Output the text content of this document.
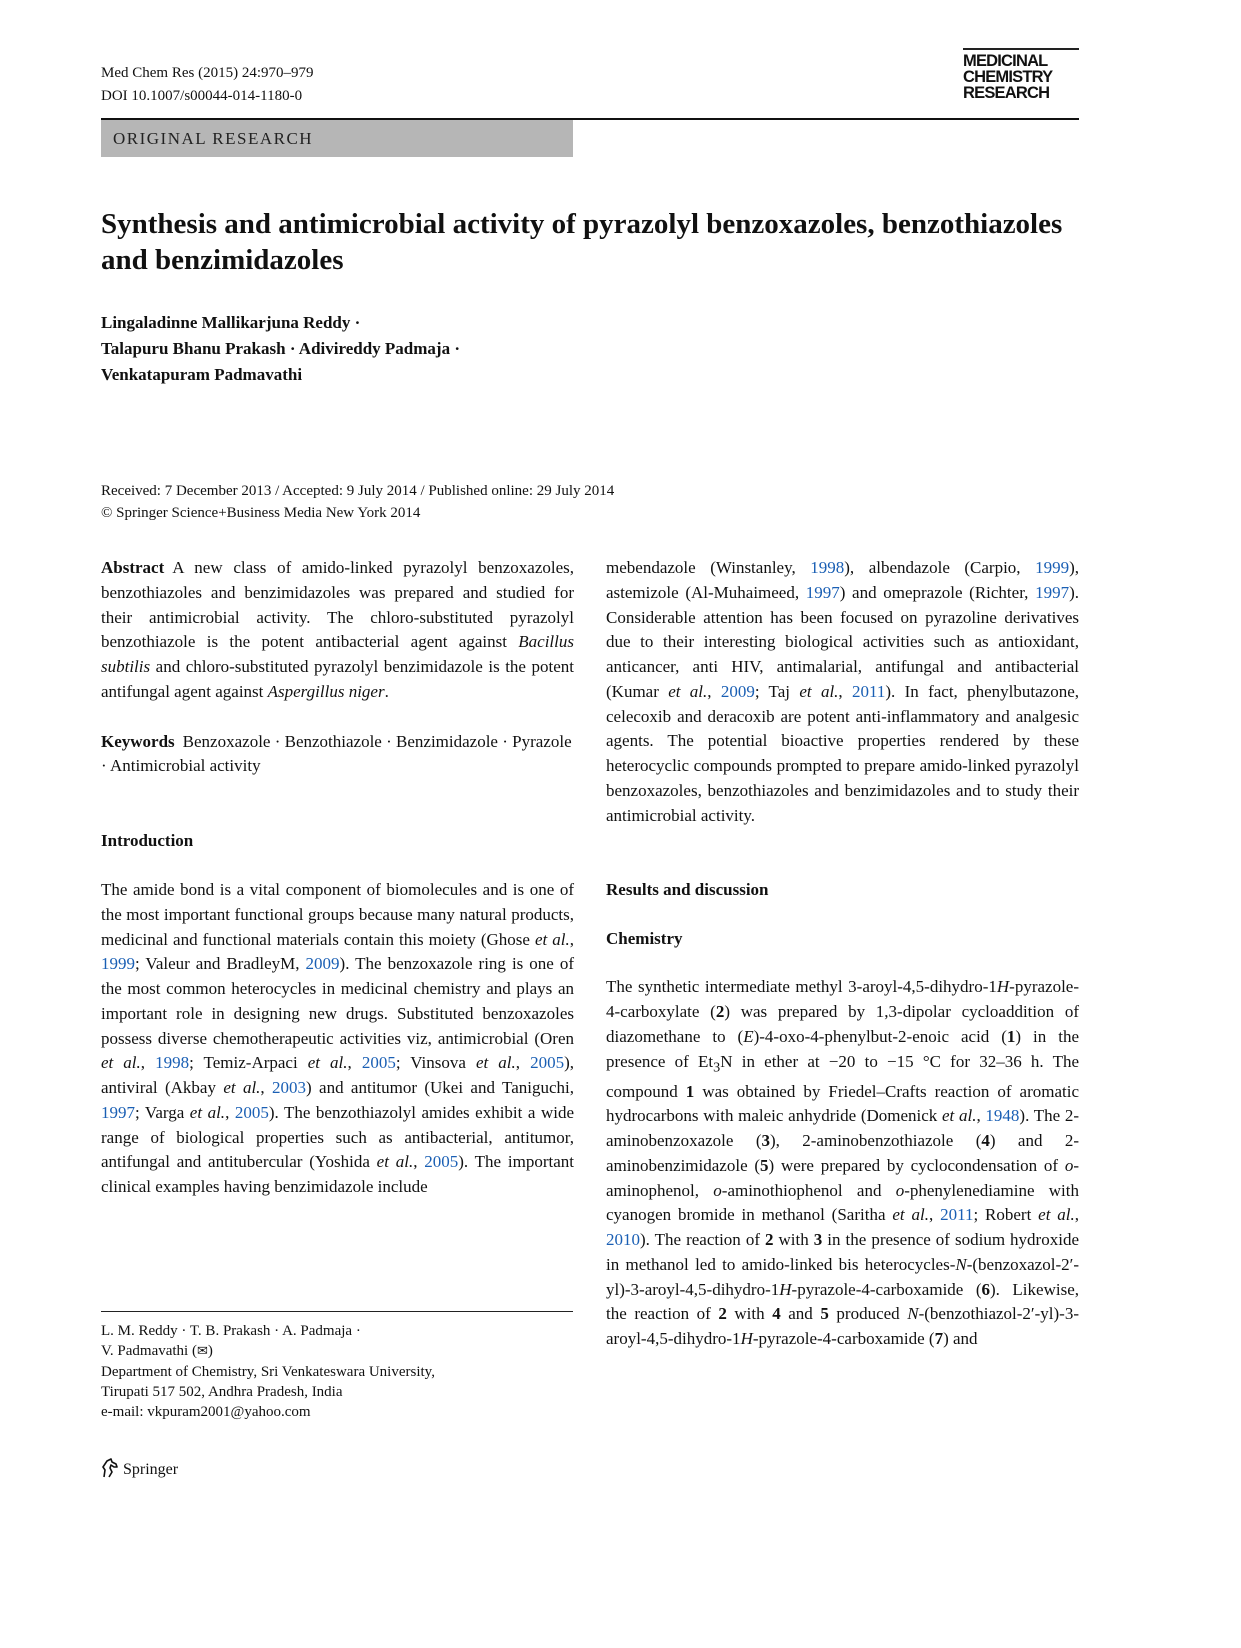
Med Chem Res (2015) 24:970–979
DOI 10.1007/s00044-014-1180-0
MEDICINAL
CHEMISTRY
RESEARCH
ORIGINAL RESEARCH
Synthesis and antimicrobial activity of pyrazolyl benzoxazoles, benzothiazoles and benzimidazoles
Lingaladinne Mallikarjuna Reddy ·
Talapuru Bhanu Prakash · Adivireddy Padmaja ·
Venkatapuram Padmavathi
Received: 7 December 2013 / Accepted: 9 July 2014 / Published online: 29 July 2014
© Springer Science+Business Media New York 2014

Abstract A new class of amido-linked pyrazolyl benzoxazoles, benzothiazoles and benzimidazoles was prepared and studied for their antimicrobial activity. The chloro-substituted pyrazolyl benzothiazole is the potent antibacterial agent against Bacillus subtilis and chloro-substituted pyrazolyl benzimidazole is the potent antifungal agent against Aspergillus niger.

Keywords Benzoxazole · Benzothiazole · Benzimidazole · Pyrazole · Antimicrobial activity

Introduction

The amide bond is a vital component of biomolecules and is one of the most important functional groups because many natural products, medicinal and functional materials contain this moiety (Ghose et al., 1999; Valeur and BradleyM, 2009). The benzoxazole ring is one of the most common heterocycles in medicinal chemistry and plays an important role in designing new drugs. Substituted benzoxazoles possess diverse chemotherapeutic activities viz, antimicrobial (Oren et al., 1998; Temiz-Arpaci et al., 2005; Vinsova et al., 2005), antiviral (Akbay et al., 2003) and antitumor (Ukei and Taniguchi, 1997; Varga et al., 2005). The benzothiazolyl amides exhibit a wide range of biological properties such as antibacterial, antitumor, antifungal and antitubercular (Yoshida et al., 2005). The important clinical examples having benzimidazole include

mebendazole (Winstanley, 1998), albendazole (Carpio, 1999), astemizole (Al-Muhaimeed, 1997) and omeprazole (Richter, 1997). Considerable attention has been focused on pyrazoline derivatives due to their interesting biological activities such as antioxidant, anticancer, anti HIV, antimalarial, antifungal and antibacterial (Kumar et al., 2009; Taj et al., 2011). In fact, phenylbutazone, celecoxib and deracoxib are potent anti-inflammatory and analgesic agents. The potential bioactive properties rendered by these heterocyclic compounds prompted to prepare amido-linked pyrazolyl benzoxazoles, benzothiazoles and benzimidazoles and to study their antimicrobial activity.

Results and discussion
Chemistry

The synthetic intermediate methyl 3-aroyl-4,5-dihydro-1H-pyrazole-4-carboxylate (2) was prepared by 1,3-dipolar cycloaddition of diazomethane to (E)-4-oxo-4-phenylbut-2-enoic acid (1) in the presence of $Et_3N$ in ether at −20 to −15 °C for 32–36 h. The compound 1 was obtained by Friedel–Crafts reaction of aromatic hydrocarbons with maleic anhydride (Domenick et al., 1948). The 2-aminobenzoxazole (3), 2-aminobenzothiazole (4) and 2-aminobenzimidazole (5) were prepared by cyclocondensation of o-aminophenol, o-aminothiophenol and o-phenylenediamine with cyanogen bromide in methanol (Saritha et al., 2011; Robert et al., 2010). The reaction of 2 with 3 in the presence of sodium hydroxide in methanol led to amido-linked bis heterocycles-N-(benzoxazol-2′-yl)-3-aroyl-4,5-dihydro-1H-pyrazole-4-carboxamide (6). Likewise, the reaction of 2 with 4 and 5 produced N-(benzothiazol-2′-yl)-3-aroyl-4,5-dihydro-1H-pyrazole-4-carboxamide (7) and

L. M. Reddy · T. B. Prakash · A. Padmaja ·
V. Padmavathi (✉)
Department of Chemistry, Sri Venkateswara University,
Tirupati 517 502, Andhra Pradesh, India
e-mail: vkpuram2001@yahoo.com
Springer
